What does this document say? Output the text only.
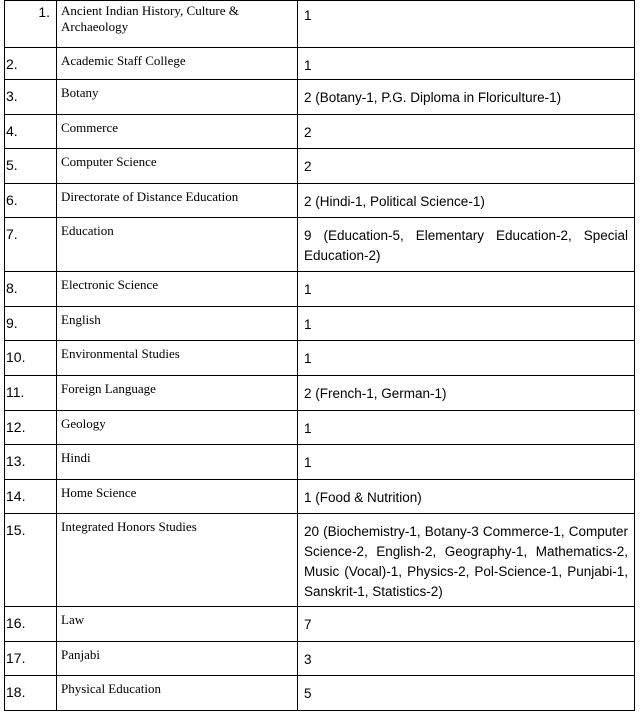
1.	Ancient Indian History, Culture & Archaeology	1
2.	Academic Staff College	1
3.	Botany	2 (Botany-1, P.G. Diploma in Floriculture-1)
4.	Commerce	2
5.	Computer Science	2
6.	Directorate of Distance Education	2 (Hindi-1, Political Science-1)
7.	Education	9 (Education-5, Elementary Education-2, Special Education-2)
8.	Electronic Science	1
9.	English	1
10.	Environmental Studies	1
11.	Foreign Language	2 (French-1, German-1)
12.	Geology	1
13.	Hindi	1
14.	Home Science	1 (Food & Nutrition)
15.	Integrated Honors Studies	20 (Biochemistry-1, Botany-3 Commerce-1, Computer Science-2, English-2, Geography-1, Mathematics-2, Music (Vocal)-1, Physics-2, Pol-Science-1, Punjabi-1, Sanskrit-1, Statistics-2)
16.	Law	7
17.	Panjabi	3
18.	Physical Education	5
